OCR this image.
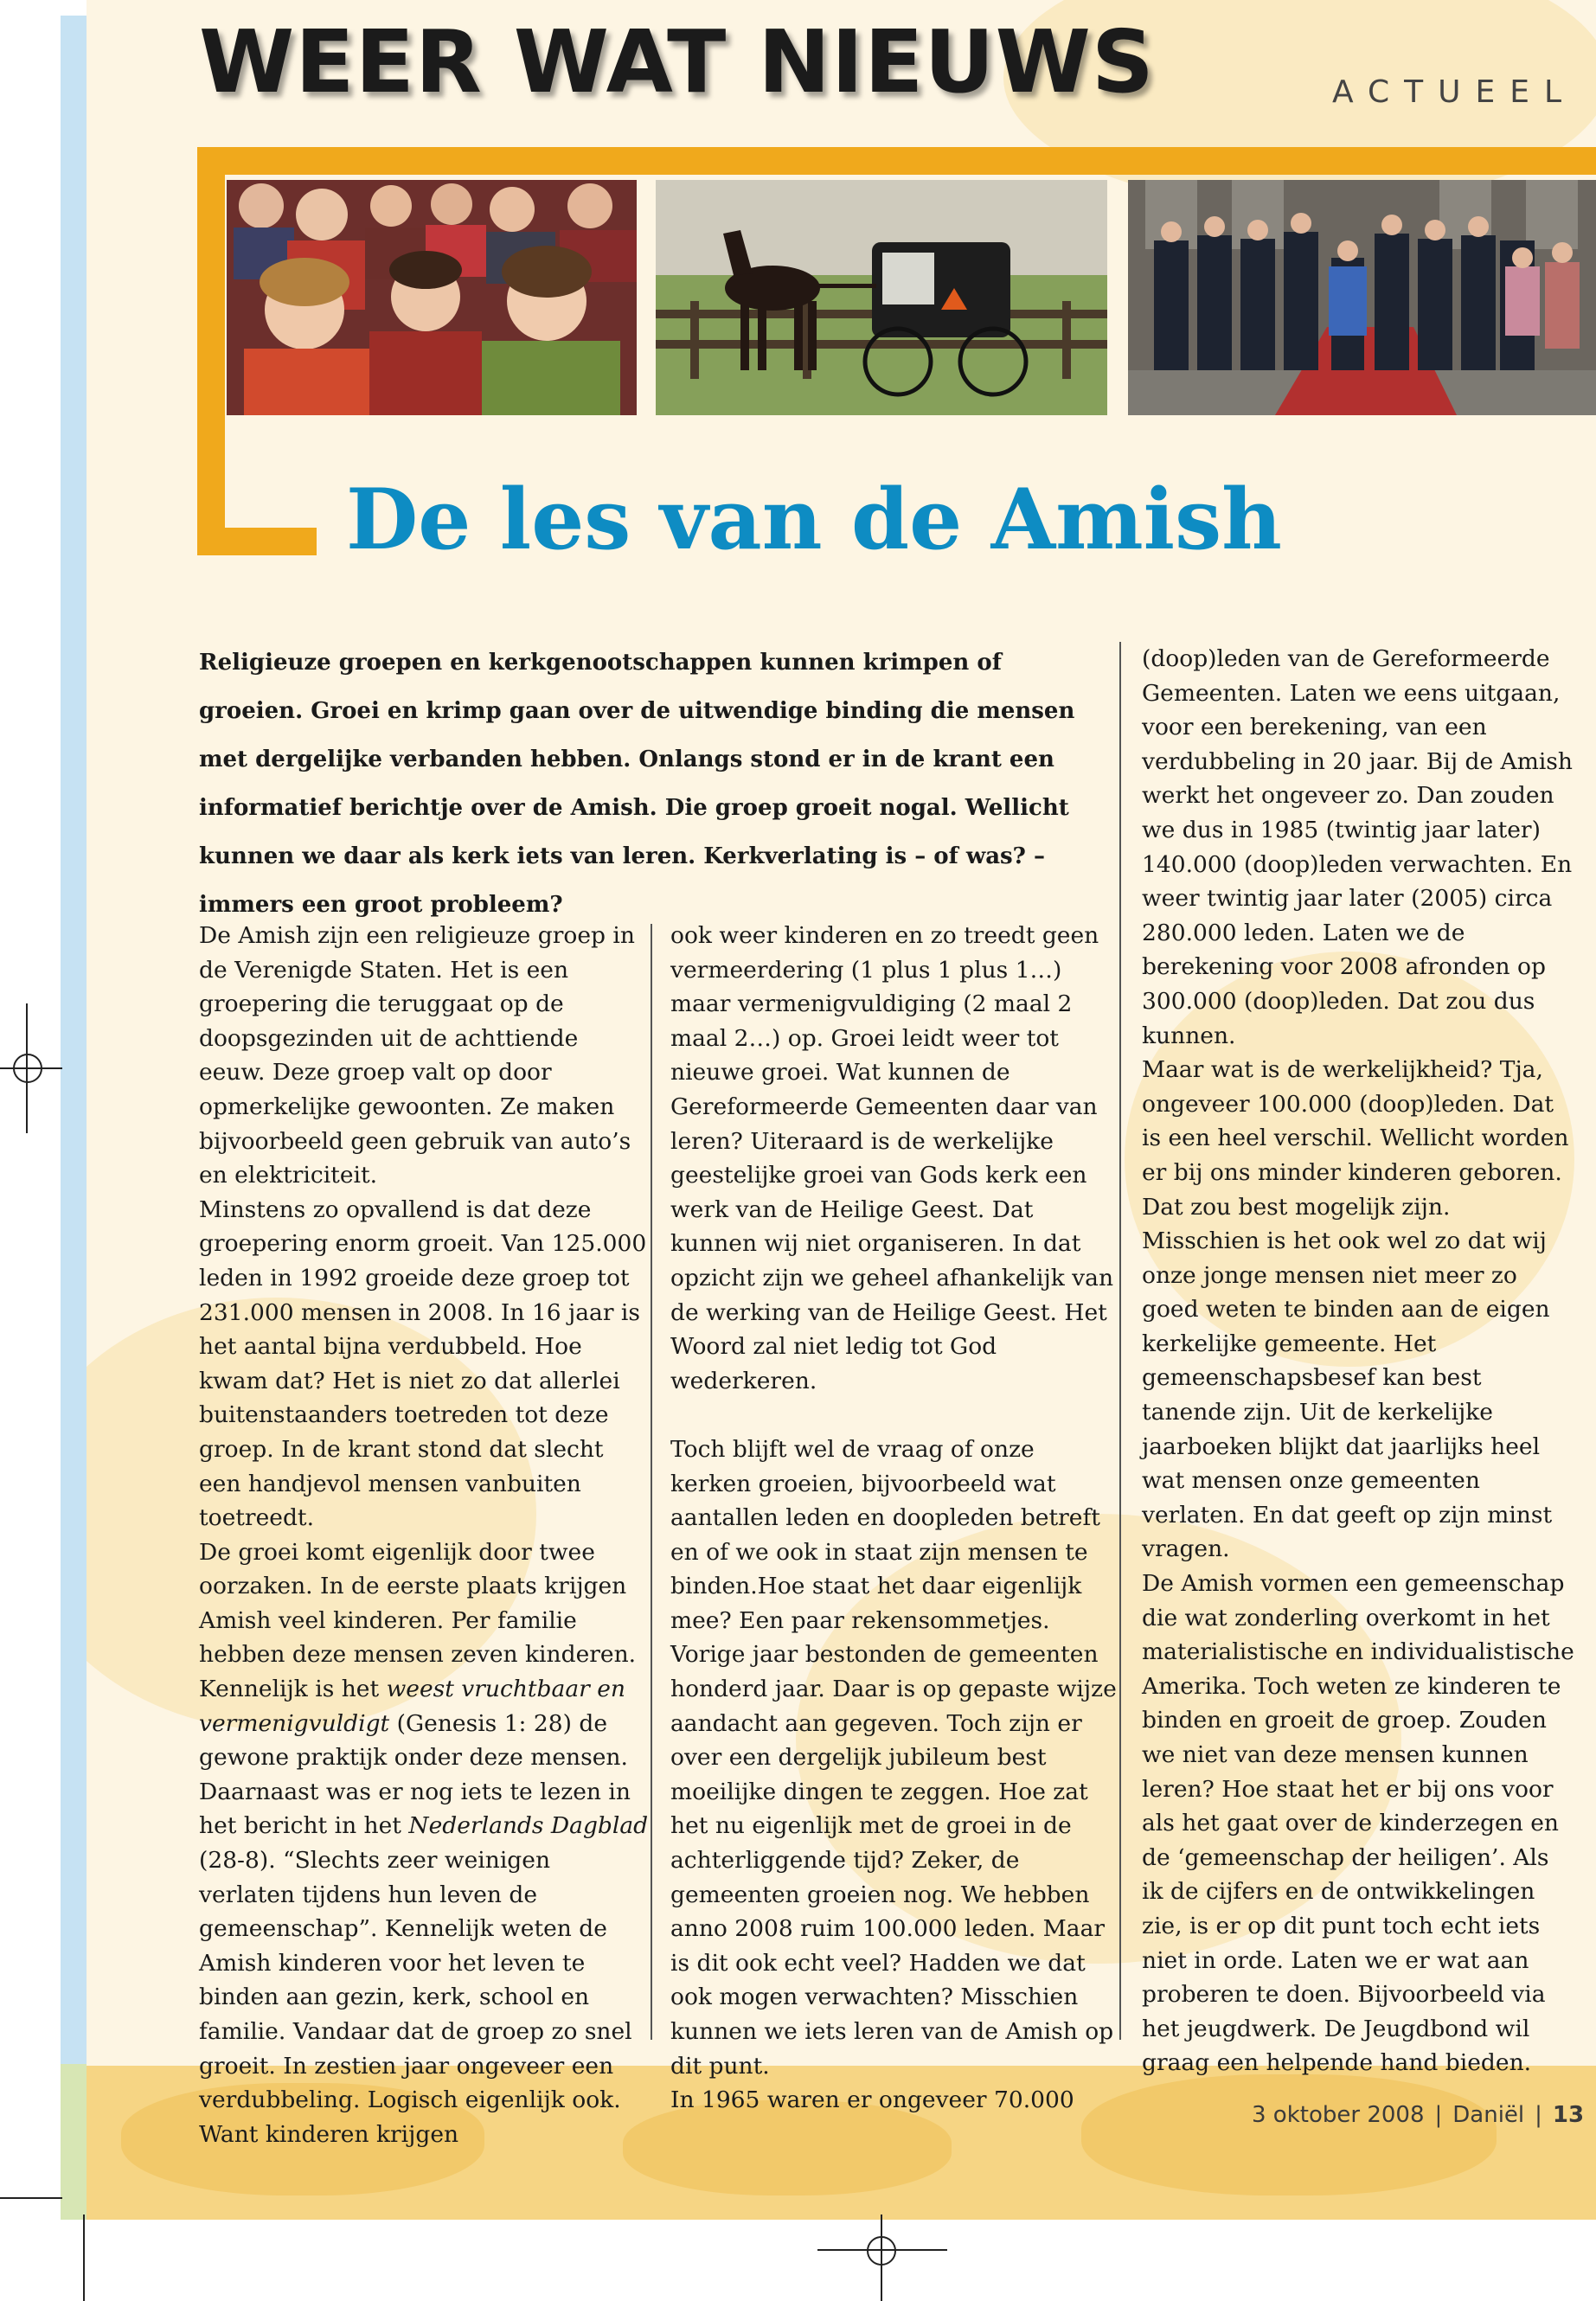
WEER WAT NIEUWS	ACTUEEL
De les van de Amish
Religieuze groepen en kerkgenootschappen kunnen krimpen of groeien. Groei en krimp gaan over de uitwendige binding die mensen met dergelijke verbanden hebben. Onlangs stond er in de krant een informatief berichtje over de Amish. Die groep groeit nogal. Wellicht kunnen we daar als kerk iets van leren. Kerkverlating is – of was? – immers een groot probleem?

De Amish zijn een religieuze groep in de Verenigde Staten. Het is een groepering die teruggaat op de doopsgezinden uit de achttiende eeuw. Deze groep valt op door opmerkelijke gewoonten. Ze maken bijvoorbeeld geen gebruik van auto’s en elektriciteit.

Minstens zo opvallend is dat deze groepering enorm groeit. Van 125.000 leden in 1992 groeide deze groep tot 231.000 mensen in 2008. In 16 jaar is het aantal bijna verdubbeld. Hoe kwam dat? Het is niet zo dat allerlei buitenstaanders toetreden tot deze groep. In de krant stond dat slecht een handjevol mensen vanbuiten toetreedt.

De groei komt eigenlijk door twee oorzaken. In de eerste plaats krijgen Amish veel kinderen. Per familie hebben deze mensen zeven kinderen. Kennelijk is het weest vruchtbaar en vermenigvuldigt (Genesis 1: 28) de gewone praktijk onder deze mensen. Daarnaast was er nog iets te lezen in het bericht in het Nederlands Dagblad (28-8). “Slechts zeer weinigen verlaten tijdens hun leven de gemeenschap”. Kennelijk weten de Amish kinderen voor het leven te binden aan gezin, kerk, school en familie. Vandaar dat de groep zo snel groeit. In zestien jaar ongeveer een verdubbeling. Logisch eigenlijk ook. Want kinderen krijgen

ook weer kinderen en zo treedt geen vermeerdering (1 plus 1 plus 1…) maar vermenigvuldiging (2 maal 2 maal 2…) op. Groei leidt weer tot nieuwe groei. Wat kunnen de Gereformeerde Gemeenten daar van leren? Uiteraard is de werkelijke geestelijke groei van Gods kerk een werk van de Heilige Geest. Dat kunnen wij niet organiseren. In dat opzicht zijn we geheel afhankelijk van de werking van de Heilige Geest. Het Woord zal niet ledig tot God wederkeren.

Toch blijft wel de vraag of onze kerken groeien, bijvoorbeeld wat aantallen leden en doopleden betreft en of we ook in staat zijn mensen te binden.Hoe staat het daar eigenlijk mee? Een paar rekensommetjes.

Vorige jaar bestonden de gemeenten honderd jaar. Daar is op gepaste wijze aandacht aan gegeven. Toch zijn er over een dergelijk jubileum best moeilijke dingen te zeggen. Hoe zat het nu eigenlijk met de groei in de achterliggende tijd? Zeker, de gemeenten groeien nog. We hebben anno 2008 ruim 100.000 leden. Maar is dit ook echt veel? Hadden we dat ook mogen verwachten? Misschien kunnen we iets leren van de Amish op dit punt.

In 1965 waren er ongeveer 70.000

(doop)leden van de Gereformeerde Gemeenten. Laten we eens uitgaan, voor een berekening, van een verdubbeling in 20 jaar. Bij de Amish werkt het ongeveer zo. Dan zouden we dus in 1985 (twintig jaar later) 140.000 (doop)leden verwachten. En weer twintig jaar later (2005) circa 280.000 leden. Laten we de berekening voor 2008 afronden op 300.000 (doop)leden. Dat zou dus kunnen.

Maar wat is de werkelijkheid? Tja, ongeveer 100.000 (doop)leden. Dat is een heel verschil. Wellicht worden er bij ons minder kinderen geboren. Dat zou best mogelijk zijn. Misschien is het ook wel zo dat wij onze jonge mensen niet meer zo goed weten te binden aan de eigen kerkelijke gemeente. Het gemeenschapsbesef kan best tanende zijn. Uit de kerkelijke jaarboeken blijkt dat jaarlijks heel wat mensen onze gemeenten verlaten. En dat geeft op zijn minst vragen.

De Amish vormen een gemeenschap die wat zonderling overkomt in het materialistische en individualistische Amerika. Toch weten ze kinderen te binden en groeit de groep. Zouden we niet van deze mensen kunnen leren? Hoe staat het er bij ons voor als het gaat over de kinderzegen en de ‘gemeenschap der heiligen’. Als ik de cijfers en de ontwikkelingen zie, is er op dit punt toch echt iets niet in orde. Laten we er wat aan proberen te doen. Bijvoorbeeld via het jeugdwerk. De Jeugdbond wil graag een helpende hand bieden.

3 oktober 2008 | Daniël | 13
